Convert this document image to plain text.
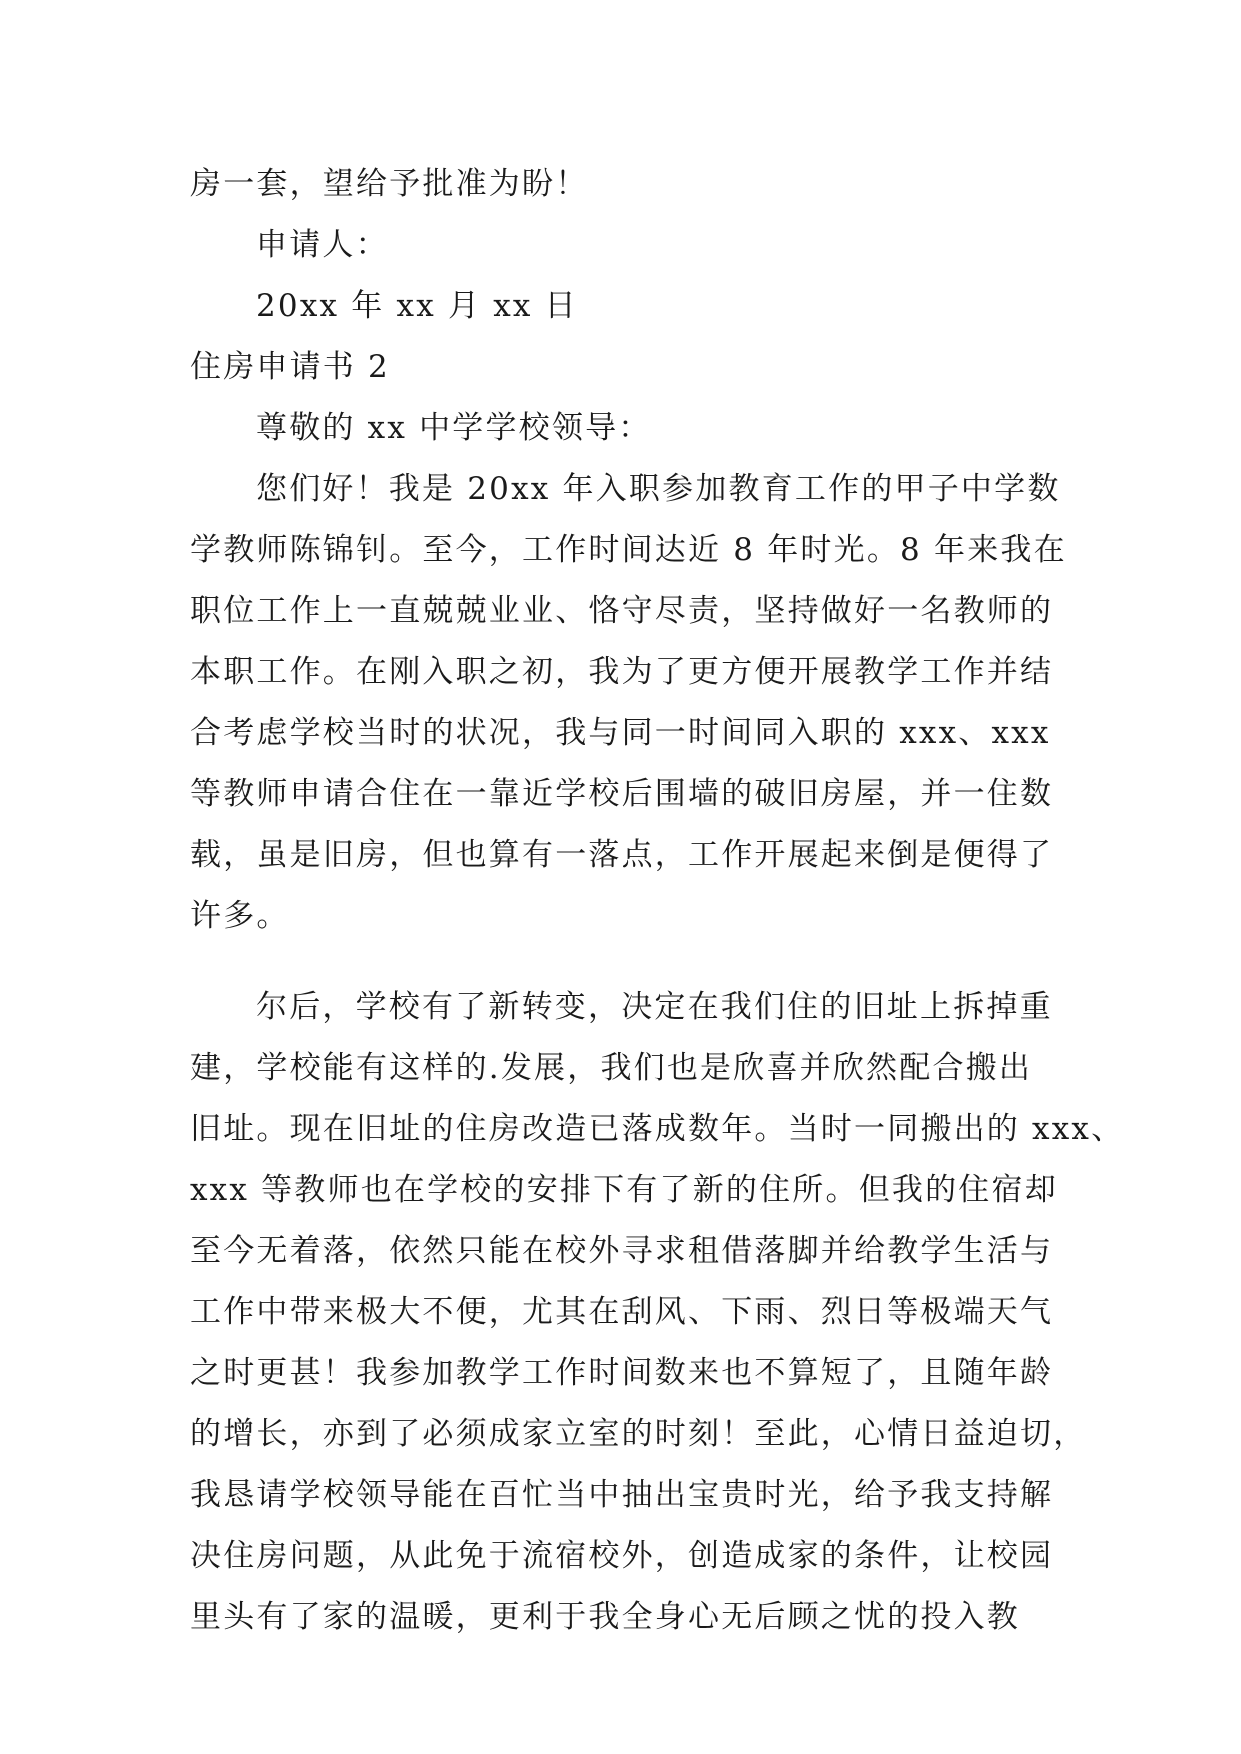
房一套，望给予批准为盼！
申请人：
20xx 年 xx 月 xx 日
住房申请书 2
尊敬的 xx 中学学校领导：
您们好！我是 20xx 年入职参加教育工作的甲子中学数
学教师陈锦钊。至今，工作时间达近 8 年时光。8 年来我在
职位工作上一直兢兢业业、恪守尽责，坚持做好一名教师的
本职工作。在刚入职之初，我为了更方便开展教学工作并结
合考虑学校当时的状况，我与同一时间同入职的 xxx、xxx
等教师申请合住在一靠近学校后围墙的破旧房屋，并一住数
载，虽是旧房，但也算有一落点，工作开展起来倒是便得了
许多。
尔后，学校有了新转变，决定在我们住的旧址上拆掉重
建，学校能有这样的.发展，我们也是欣喜并欣然配合搬出
旧址。现在旧址的住房改造已落成数年。当时一同搬出的 xxx、
xxx 等教师也在学校的安排下有了新的住所。但我的住宿却
至今无着落，依然只能在校外寻求租借落脚并给教学生活与
工作中带来极大不便，尤其在刮风、下雨、烈日等极端天气
之时更甚！我参加教学工作时间数来也不算短了，且随年龄
的增长，亦到了必须成家立室的时刻！至此，心情日益迫切，
我恳请学校领导能在百忙当中抽出宝贵时光，给予我支持解
决住房问题，从此免于流宿校外，创造成家的条件，让校园
里头有了家的温暖，更利于我全身心无后顾之忧的投入教
